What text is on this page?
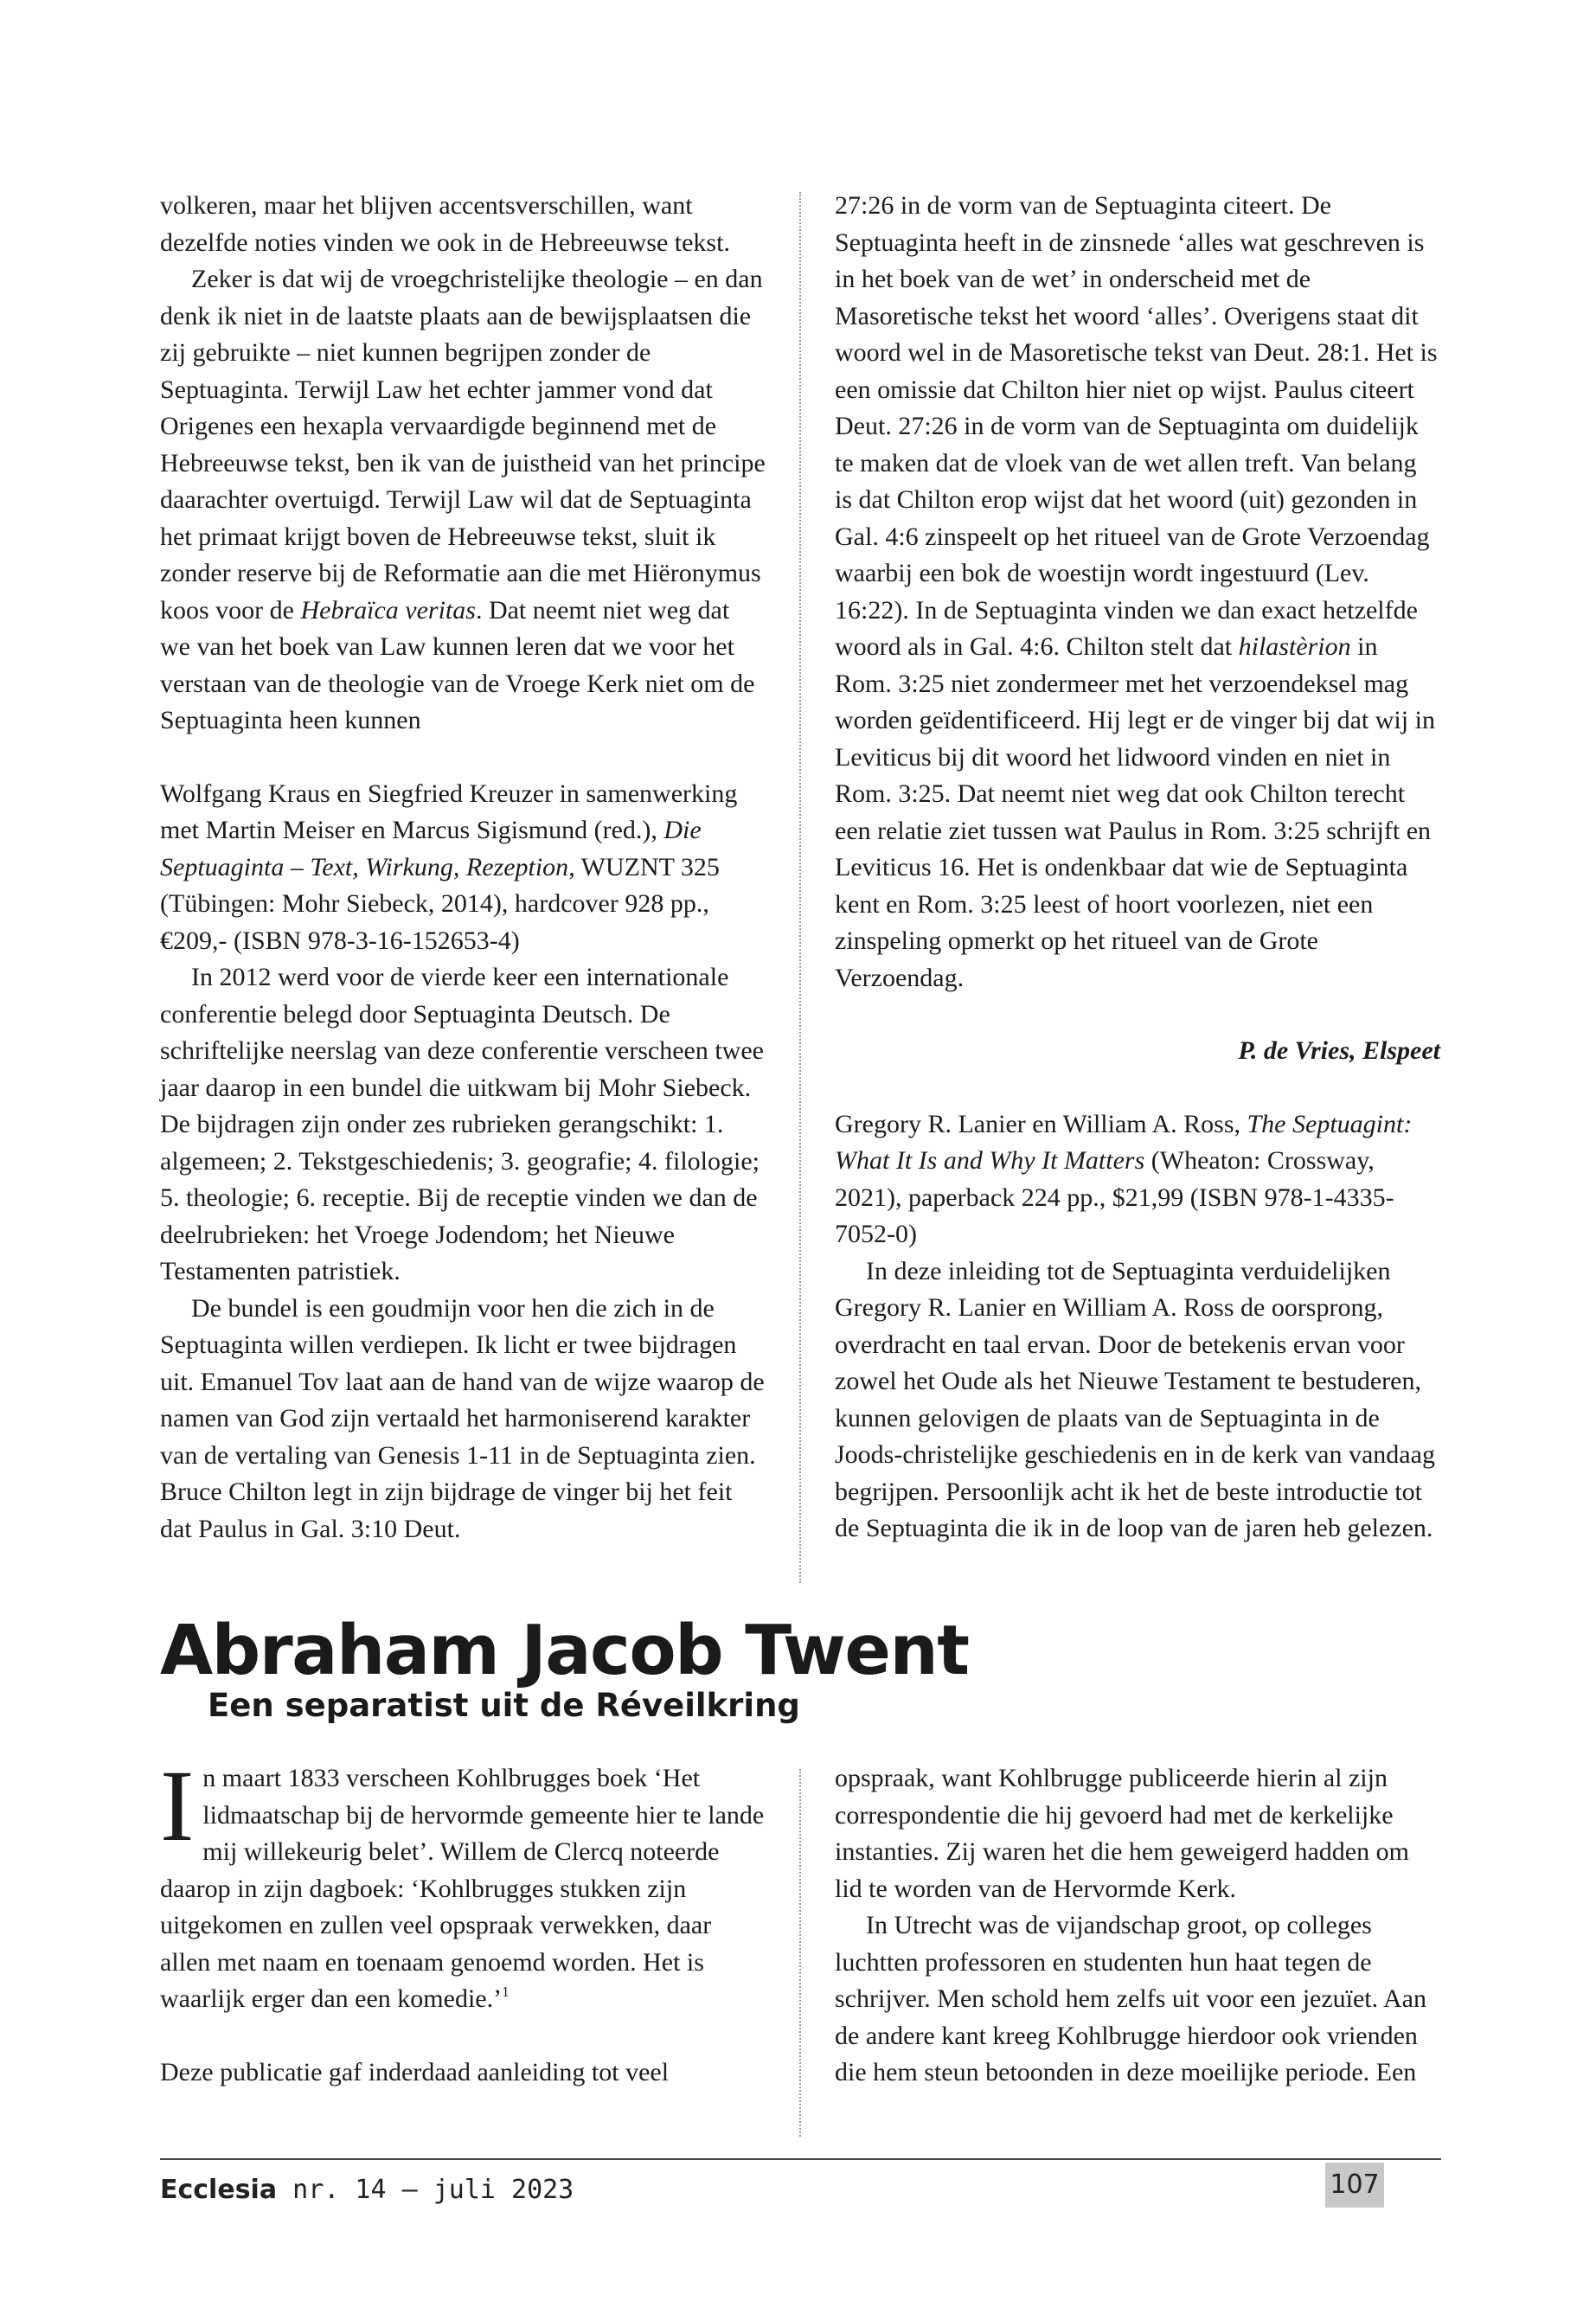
volkeren, maar het blijven accentsverschillen, want dezelfde noties vinden we ook in de Hebreeuwse tekst.

Zeker is dat wij de vroegchristelijke theologie – en dan denk ik niet in de laatste plaats aan de bewijsplaatsen die zij gebruikte – niet kunnen begrijpen zonder de Septuaginta. Terwijl Law het echter jammer vond dat Origenes een hexapla vervaardigde beginnend met de Hebreeuwse tekst, ben ik van de juistheid van het principe daarachter overtuigd. Terwijl Law wil dat de Septuaginta het primaat krijgt boven de Hebreeuwse tekst, sluit ik zonder reserve bij de Reformatie aan die met Hiëronymus koos voor de Hebraïca veritas. Dat neemt niet weg dat we van het boek van Law kunnen leren dat we voor het verstaan van de theologie van de Vroege Kerk niet om de Septuaginta heen kunnen

Wolfgang Kraus en Siegfried Kreuzer in samenwerking met Martin Meiser en Marcus Sigismund (red.), Die Septuaginta – Text, Wirkung, Rezeption, WUZNT 325 (Tübingen: Mohr Siebeck, 2014), hardcover 928 pp., €209,- (ISBN 978-3-16-152653-4)

In 2012 werd voor de vierde keer een internationale conferentie belegd door Septuaginta Deutsch. De schriftelijke neerslag van deze conferentie verscheen twee jaar daarop in een bundel die uitkwam bij Mohr Siebeck. De bijdragen zijn onder zes rubrieken gerangschikt: 1. algemeen; 2. Tekstgeschiedenis; 3. geografie; 4. filologie; 5. theologie; 6. receptie. Bij de receptie vinden we dan de deelrubrieken: het Vroege Jodendom; het Nieuwe Testamenten patristiek.

De bundel is een goudmijn voor hen die zich in de Septuaginta willen verdiepen. Ik licht er twee bijdragen uit. Emanuel Tov laat aan de hand van de wijze waarop de namen van God zijn vertaald het harmoniserend karakter van de vertaling van Genesis 1-11 in de Septuaginta zien. Bruce Chilton legt in zijn bijdrage de vinger bij het feit dat Paulus in Gal. 3:10 Deut.

27:26 in de vorm van de Septuaginta citeert. De Septuaginta heeft in de zinsnede ‘alles wat geschreven is in het boek van de wet’ in onderscheid met de Masoretische tekst het woord ‘alles’. Overigens staat dit woord wel in de Masoretische tekst van Deut. 28:1. Het is een omissie dat Chilton hier niet op wijst. Paulus citeert Deut. 27:26 in de vorm van de Septuaginta om duidelijk te maken dat de vloek van de wet allen treft. Van belang is dat Chilton erop wijst dat het woord (uit) gezonden in Gal. 4:6 zinspeelt op het ritueel van de Grote Verzoendag waarbij een bok de woestijn wordt ingestuurd (Lev. 16:22). In de Septuaginta vinden we dan exact hetzelfde woord als in Gal. 4:6. Chilton stelt dat hilastèrion in Rom. 3:25 niet zondermeer met het verzoendeksel mag worden geïdentificeerd. Hij legt er de vinger bij dat wij in Leviticus bij dit woord het lidwoord vinden en niet in Rom. 3:25. Dat neemt niet weg dat ook Chilton terecht een relatie ziet tussen wat Paulus in Rom. 3:25 schrijft en Leviticus 16. Het is ondenkbaar dat wie de Septuaginta kent en Rom. 3:25 leest of hoort voorlezen, niet een zinspeling opmerkt op het ritueel van de Grote Verzoendag.

P. de Vries, Elspeet

Gregory R. Lanier en William A. Ross, The Septuagint: What It Is and Why It Matters (Wheaton: Crossway, 2021), paperback 224 pp., $21,99 (ISBN 978-1-4335-7052-0)

In deze inleiding tot de Septuaginta verduidelijken Gregory R. Lanier en William A. Ross de oorsprong, overdracht en taal ervan. Door de betekenis ervan voor zowel het Oude als het Nieuwe Testament te bestuderen, kunnen gelovigen de plaats van de Septuaginta in de Joods-christelijke geschiedenis en in de kerk van vandaag begrijpen. Persoonlijk acht ik het de beste introductie tot de Septuaginta die ik in de loop van de jaren heb gelezen.

Abraham Jacob Twent
Een separatist uit de Réveilkring

In maart 1833 verscheen Kohlbrugges boek ‘Het lidmaatschap bij de hervormde gemeente hier te lande mij willekeurig belet’. Willem de Clercq noteerde daarop in zijn dagboek: ‘Kohlbrugges stukken zijn uitgekomen en zullen veel opspraak verwekken, daar allen met naam en toenaam genoemd worden. Het is waarlijk erger dan een komedie.’$^1$

Deze publicatie gaf inderdaad aanleiding tot veel

opspraak, want Kohlbrugge publiceerde hierin al zijn correspondentie die hij gevoerd had met de kerkelijke instanties. Zij waren het die hem geweigerd hadden om lid te worden van de Hervormde Kerk.

In Utrecht was de vijandschap groot, op colleges luchtten professoren en studenten hun haat tegen de schrijver. Men schold hem zelfs uit voor een jezuïet. Aan de andere kant kreeg Kohlbrugge hierdoor ook vrienden die hem steun betoonden in deze moeilijke periode. Een

Ecclesia nr. 14 – juli 2023	107
